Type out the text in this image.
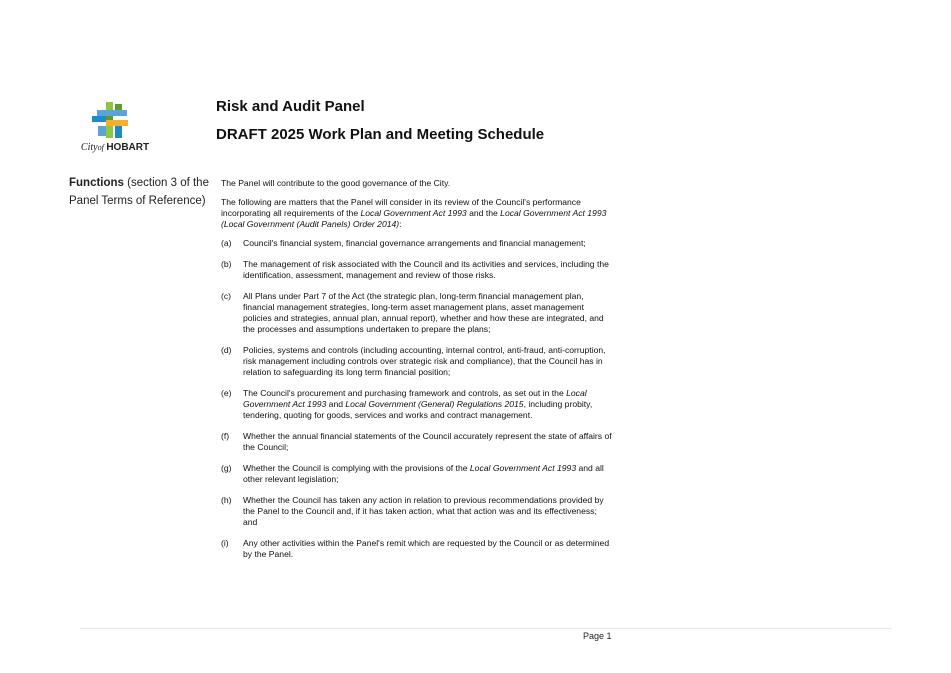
Cityof HOBART
Risk and Audit Panel
DRAFT 2025 Work Plan and Meeting Schedule
Functions (section 3 of the Panel Terms of Reference)

The Panel will contribute to the good governance of the City.

The following are matters that the Panel will consider in its review of the Council's performance incorporating all requirements of the Local Government Act 1993 and the Local Government Act 1993 (Local Government (Audit Panels) Order 2014):

(a) Council's financial system, financial governance arrangements and financial management;
(b) The management of risk associated with the Council and its activities and services, including the identification, assessment, management and review of those risks.
(c) All Plans under Part 7 of the Act (the strategic plan, long-term financial management plan, financial management strategies, long-term asset management plans, asset management policies and strategies, annual plan, annual report), whether and how these are integrated, and the processes and assumptions undertaken to prepare the plans;
(d) Policies, systems and controls (including accounting, internal control, anti-fraud, anti-corruption, risk management including controls over strategic risk and compliance), that the Council has in relation to safeguarding its long term financial position;
(e) The Council's procurement and purchasing framework and controls, as set out in the Local Government Act 1993 and Local Government (General) Regulations 2015, including probity, tendering, quoting for goods, services and works and contract management.
(f) Whether the annual financial statements of the Council accurately represent the state of affairs of the Council;
(g) Whether the Council is complying with the provisions of the Local Government Act 1993 and all other relevant legislation;
(h) Whether the Council has taken any action in relation to previous recommendations provided by the Panel to the Council and, if it has taken action, what that action was and its effectiveness; and
(i) Any other activities within the Panel's remit which are requested by the Council or as determined by the Panel.
Page 1
